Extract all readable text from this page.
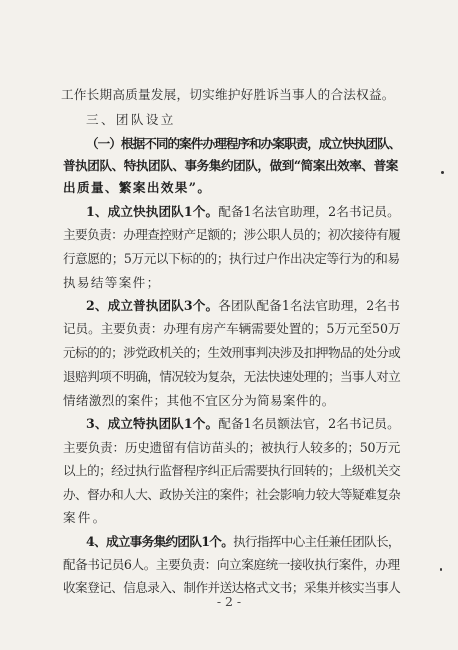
工作长期高质量发展，切实维护好胜诉当事人的合法权益。
三、团队设立
（一）根据不同的案件办理程序和办案职责，成立快执团队、
普执团队、特执团队、事务集约团队，做到“简案出效率、普案
出质量、繁案出效果”。
1、成立快执团队1个。配备1名法官助理，2名书记员。
主要负责：办理查控财产足额的；涉公职人员的；初次接待有履
行意愿的；5万元以下标的的；执行过户作出决定等行为的和易
执易结等案件；
2、成立普执团队3个。各团队配备1名法官助理，2名书
记员。主要负责：办理有房产车辆需要处置的；5万元至50万
元标的的；涉党政机关的；生效刑事判决涉及扣押物品的处分或
退赔判项不明确，情况较为复杂，无法快速处理的；当事人对立
情绪激烈的案件；其他不宜区分为简易案件的。
3、成立特执团队1个。配备1名员额法官，2名书记员。
主要负责：历史遗留有信访苗头的；被执行人较多的；50万元
以上的；经过执行监督程序纠正后需要执行回转的；上级机关交
办、督办和人大、政协关注的案件；社会影响力较大等疑难复杂
案件。
4、成立事务集约团队1个。执行指挥中心主任兼任团队长，
配备书记员6人。主要负责：向立案庭统一接收执行案件，办理
收案登记、信息录入、制作并送达格式文书；采集并核实当事人
- 2 -
